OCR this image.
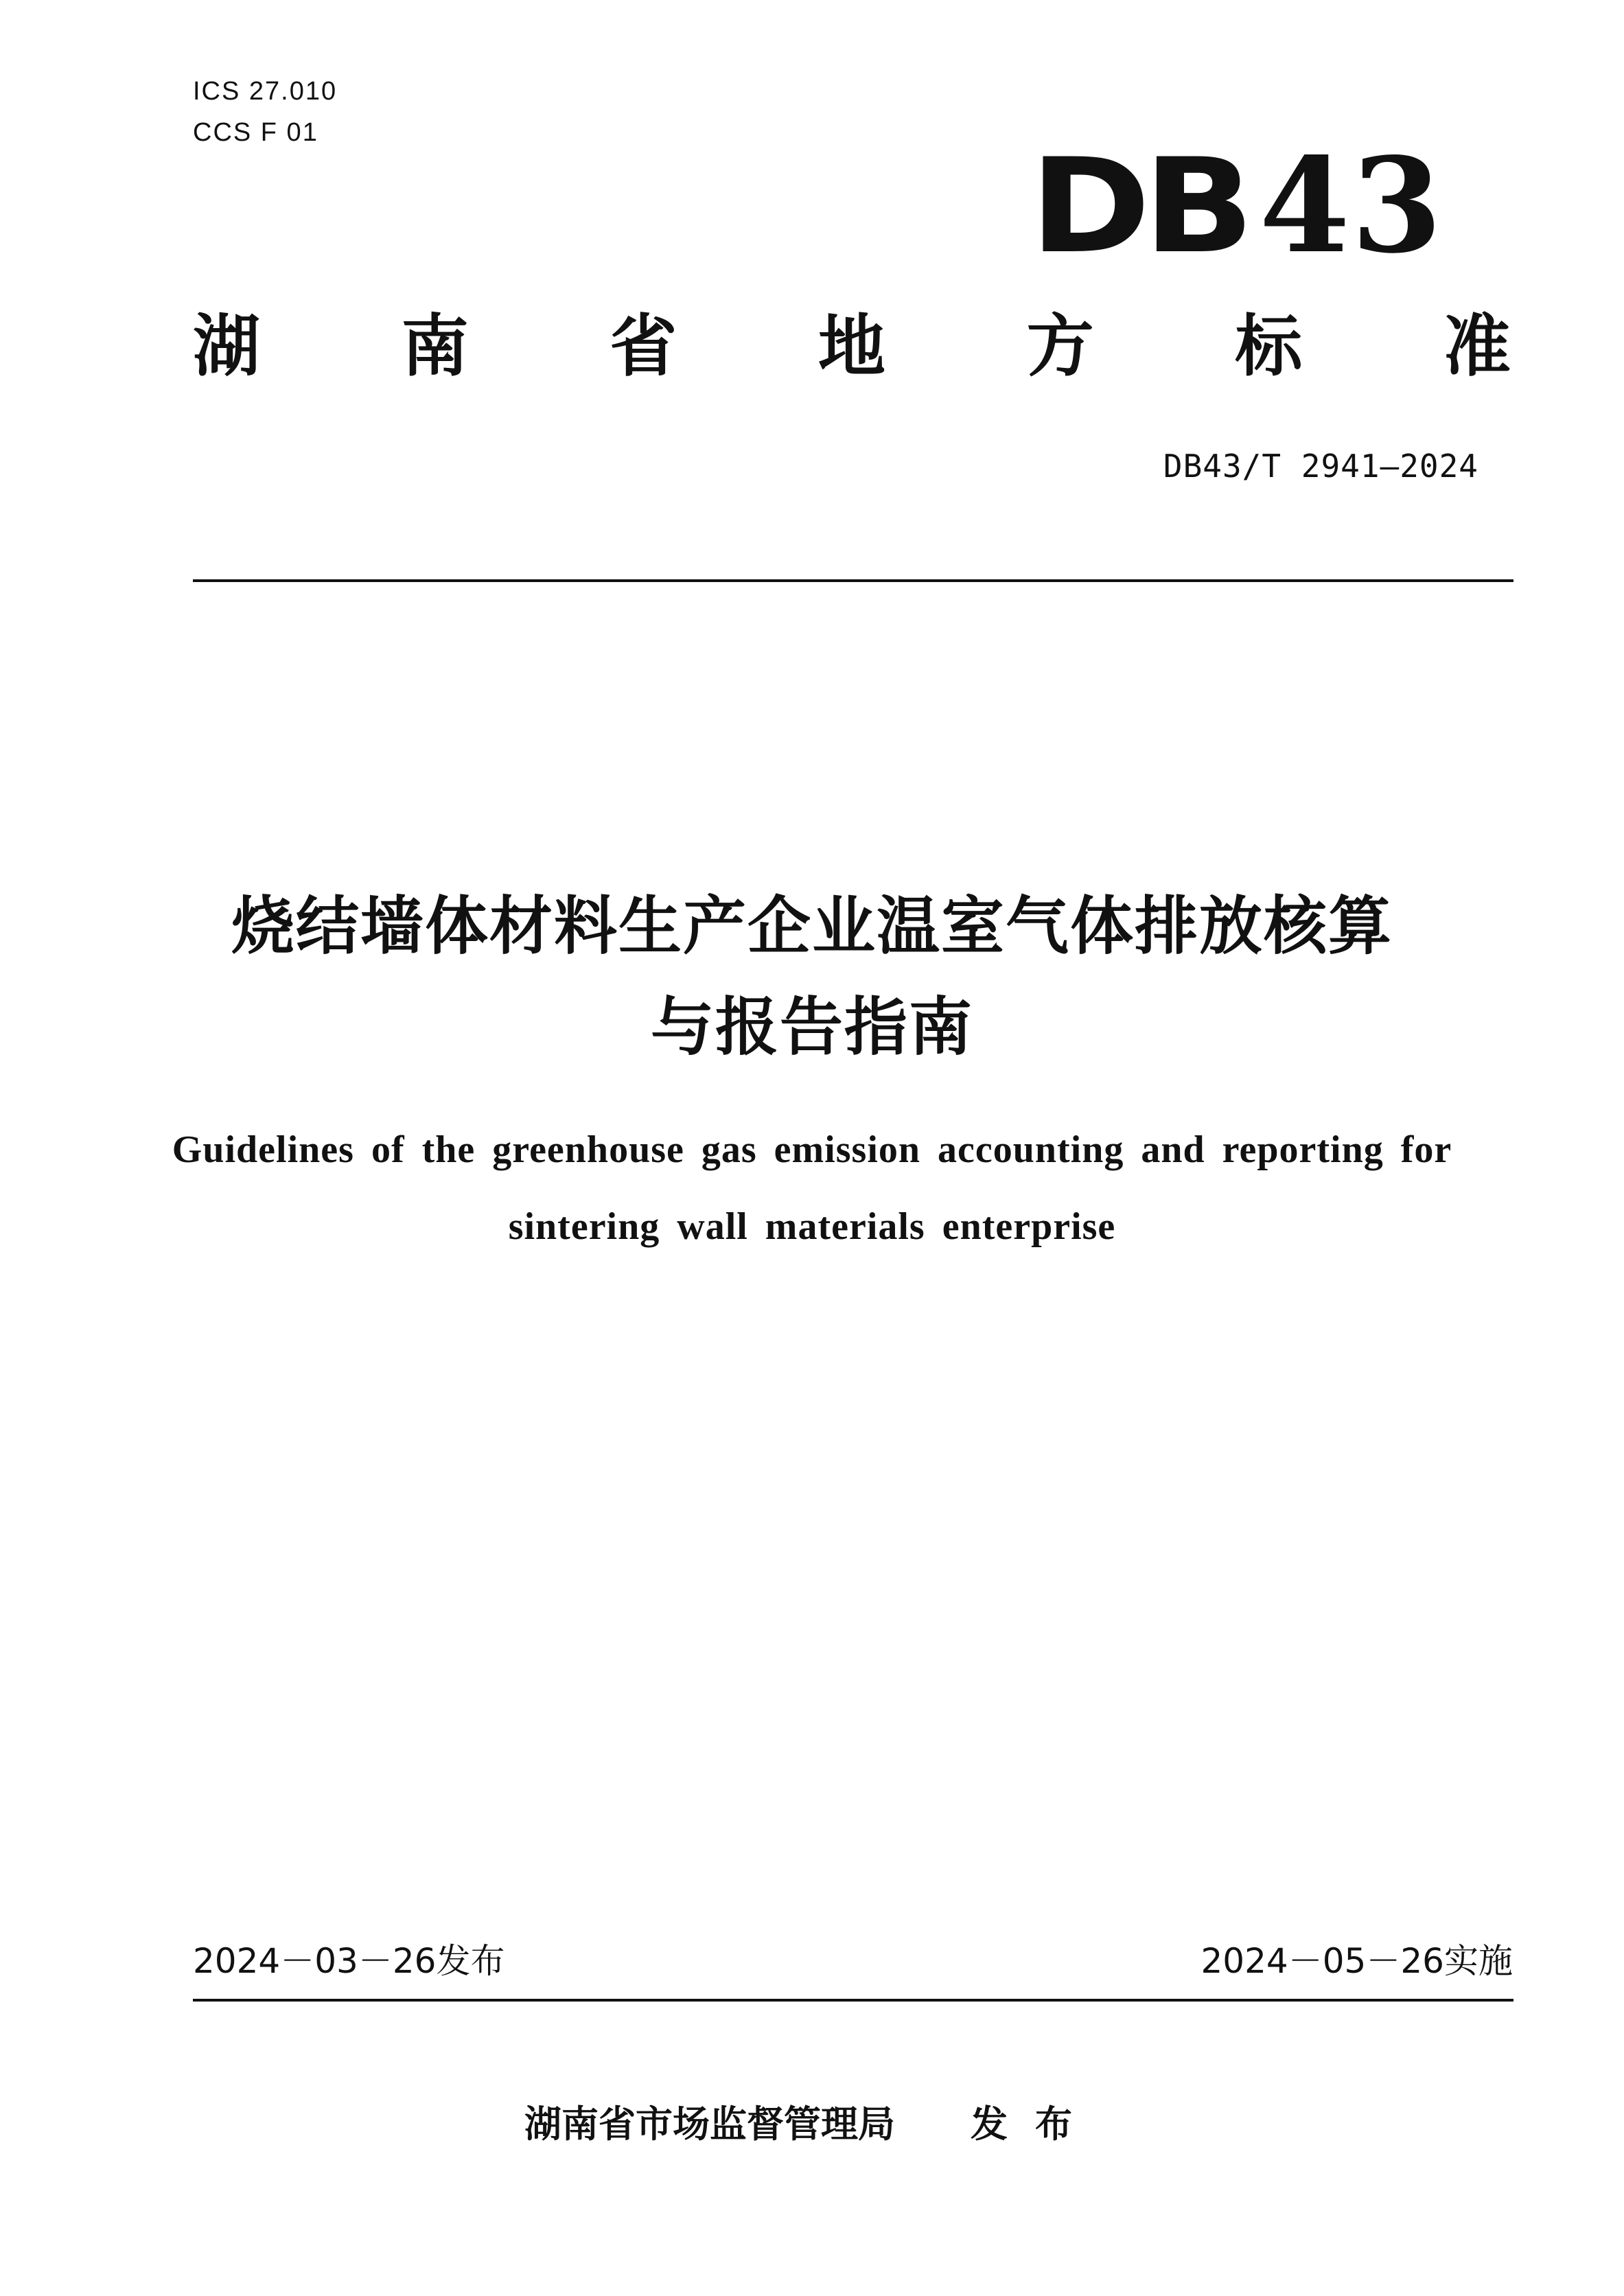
ICS 27.010
CCS F 01	DB43
湖 南 省 地 方 标 准
DB43/T 2941—2024
烧结墙体材料生产企业温室气体排放核算
与报告指南
Guidelines of the greenhouse gas emission accounting and reporting for
sintering wall materials enterprise
2024－03－26发布	2024－05－26实施
湖南省市场监督管理局 发布
